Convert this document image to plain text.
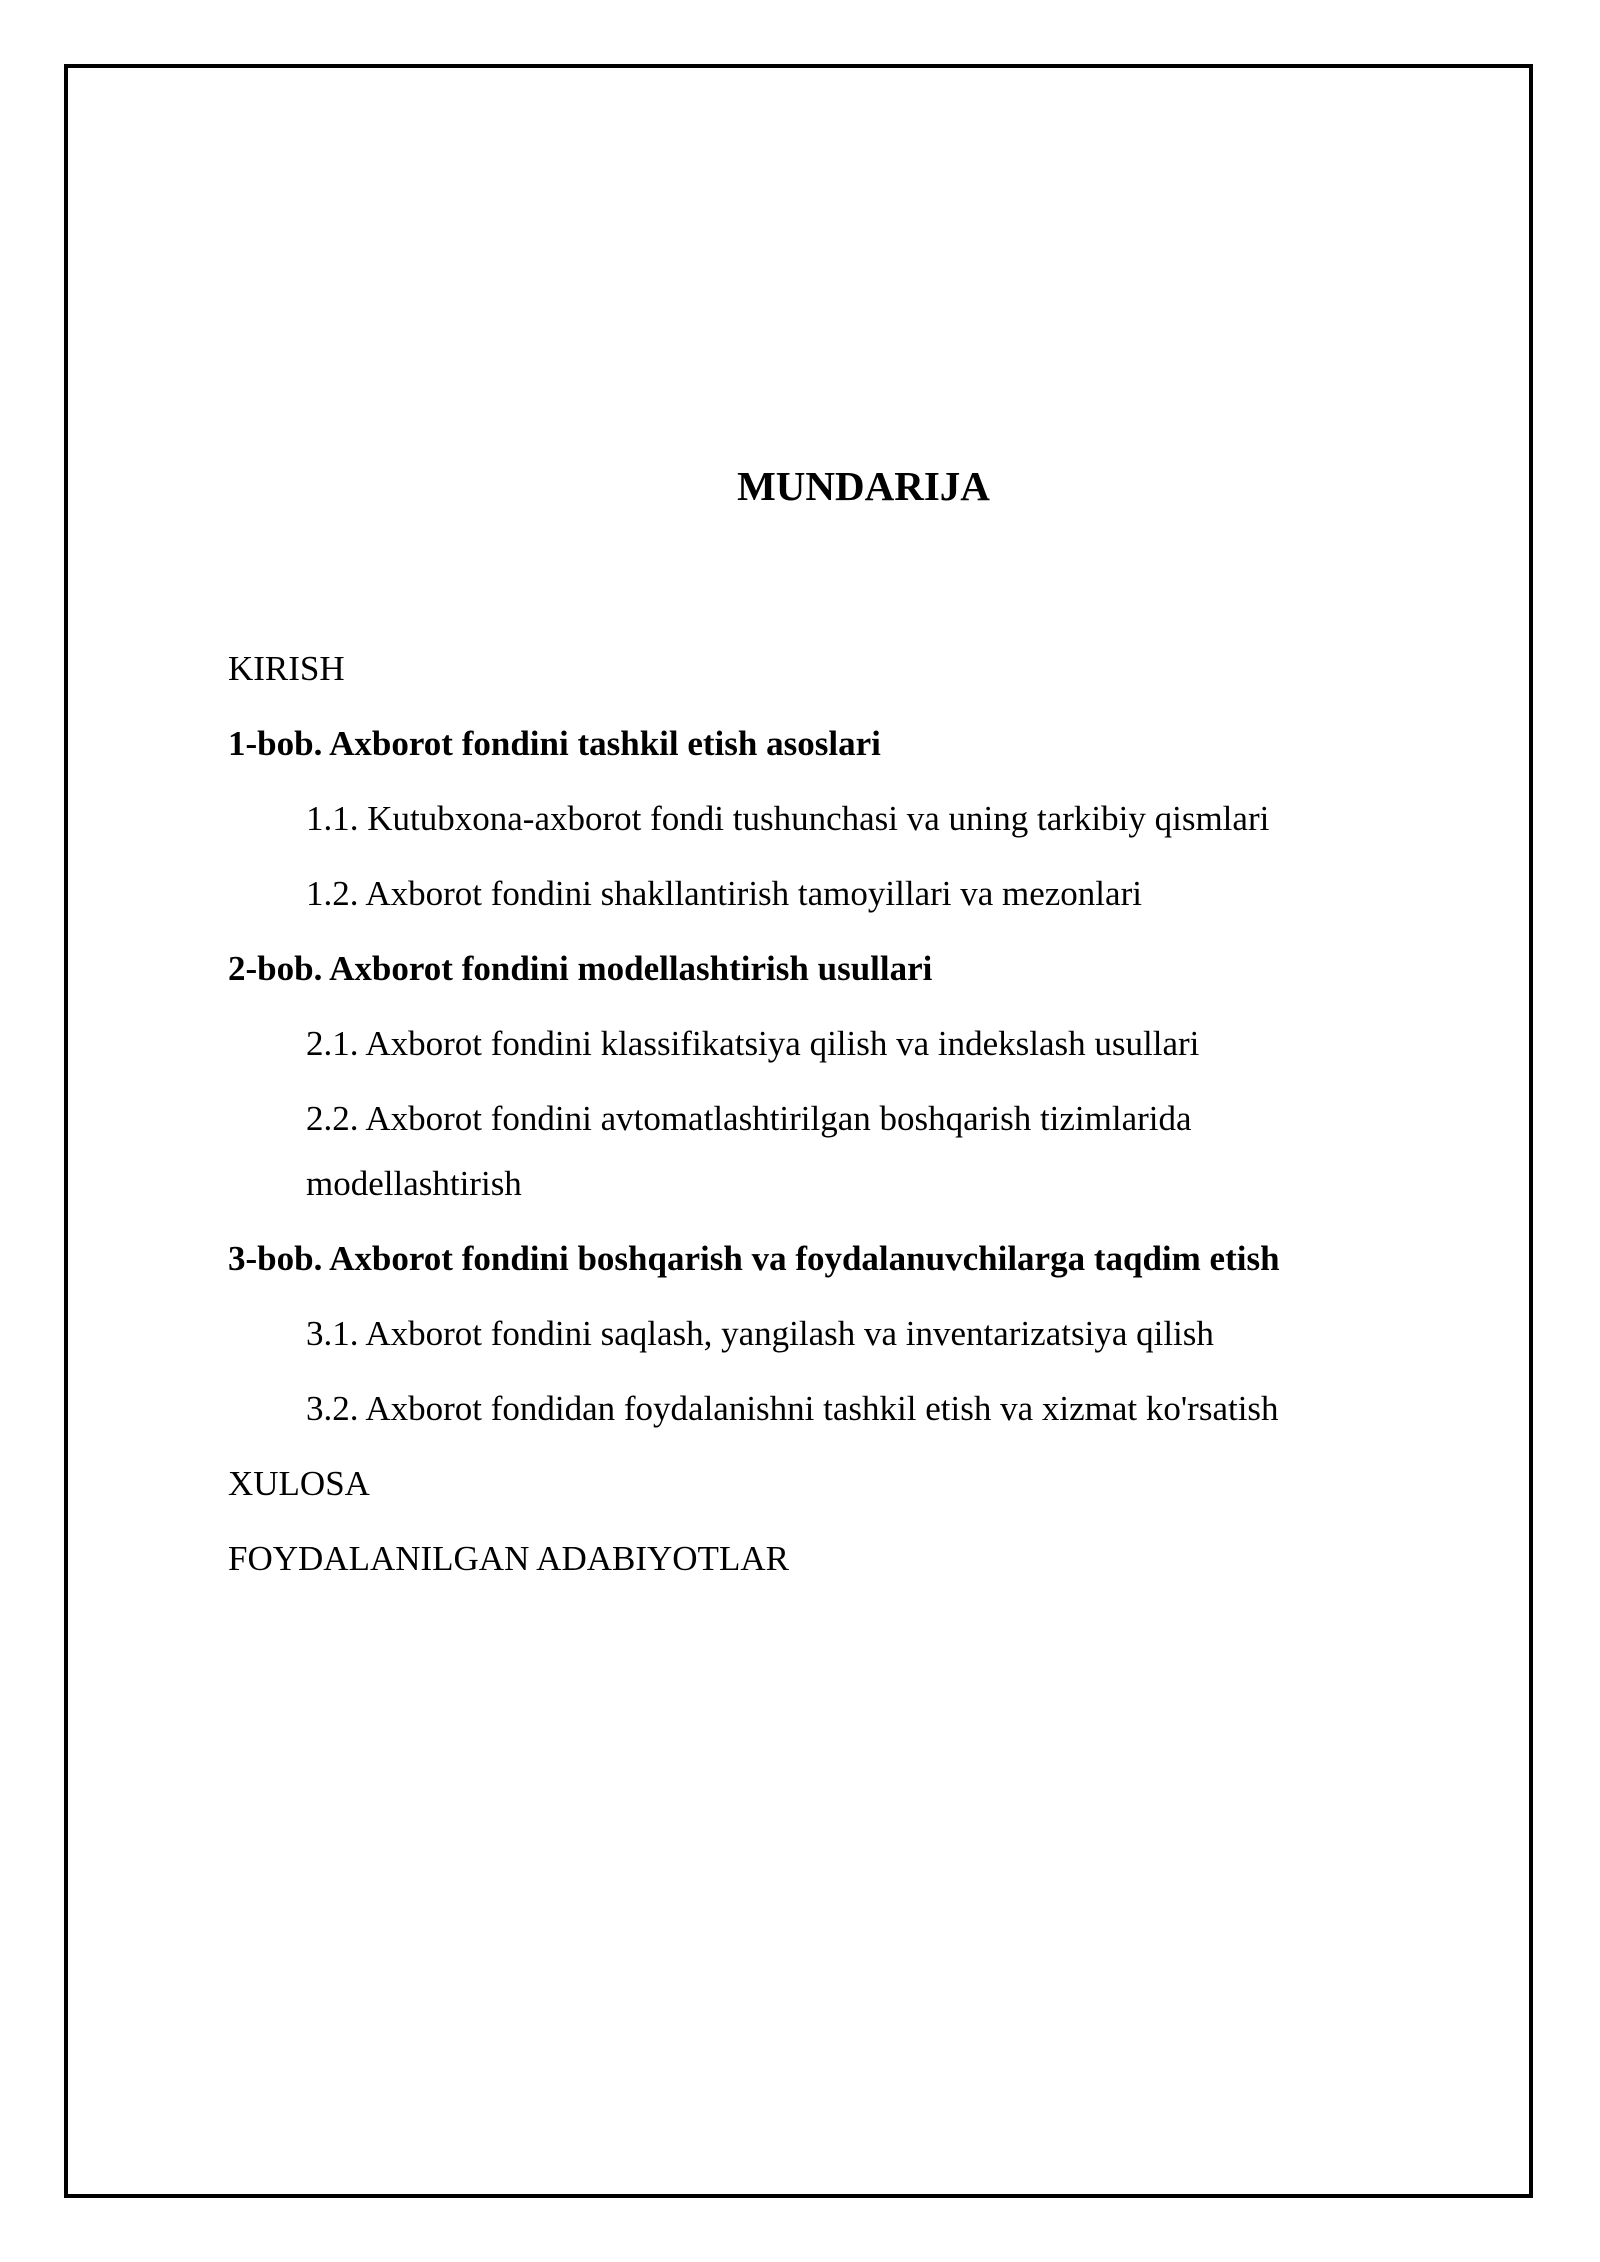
MUNDARIJA
KIRISH
1-bob. Axborot fondini tashkil etish asoslari
1.1. Kutubxona-axborot fondi tushunchasi va uning tarkibiy qismlari
1.2. Axborot fondini shakllantirish tamoyillari va mezonlari
2-bob. Axborot fondini modellashtirish usullari
2.1. Axborot fondini klassifikatsiya qilish va indekslash usullari
2.2. Axborot fondini avtomatlashtirilgan boshqarish tizimlarida modellashtirish
3-bob. Axborot fondini boshqarish va foydalanuvchilarga taqdim etish
3.1. Axborot fondini saqlash, yangilash va inventarizatsiya qilish
3.2. Axborot fondidan foydalanishni tashkil etish va xizmat ko'rsatish
XULOSA
FOYDALANILGAN ADABIYOTLAR
